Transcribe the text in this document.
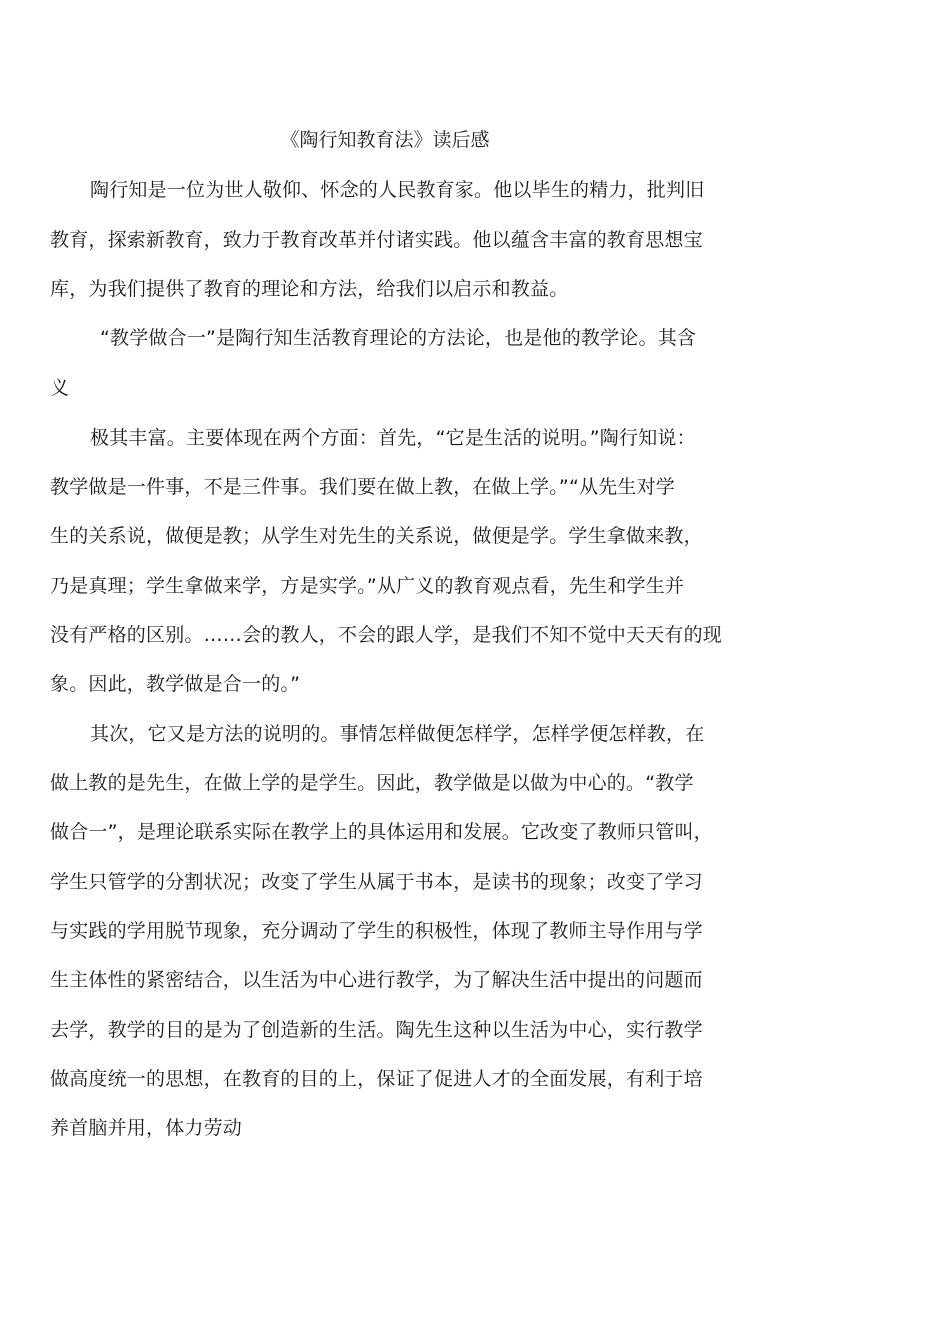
《陶行知教育法》读后感
陶行知是一位为世人敬仰、怀念的人民教育家。他以毕生的精力，批判旧
教育，探索新教育，致力于教育改革并付诸实践。他以蕴含丰富的教育思想宝
库，为我们提供了教育的理论和方法，给我们以启示和教益。
“教学做合一”是陶行知生活教育理论的方法论，也是他的教学论。其含
义
极其丰富。主要体现在两个方面：首先，“它是生活的说明。”陶行知说：
教学做是一件事，不是三件事。我们要在做上教，在做上学。”“从先生对学
生的关系说，做便是教；从学生对先生的关系说，做便是学。学生拿做来教，
乃是真理；学生拿做来学，方是实学。”从广义的教育观点看，先生和学生并
没有严格的区别。……会的教人，不会的跟人学，是我们不知不觉中天天有的现
象。因此，教学做是合一的。”
其次，它又是方法的说明的。事情怎样做便怎样学，怎样学便怎样教，在
做上教的是先生，在做上学的是学生。因此，教学做是以做为中心的。“教学
做合一”，是理论联系实际在教学上的具体运用和发展。它改变了教师只管叫，
学生只管学的分割状况；改变了学生从属于书本，是读书的现象；改变了学习
与实践的学用脱节现象，充分调动了学生的积极性，体现了教师主导作用与学
生主体性的紧密结合，以生活为中心进行教学，为了解决生活中提出的问题而
去学，教学的目的是为了创造新的生活。陶先生这种以生活为中心，实行教学
做高度统一的思想，在教育的目的上，保证了促进人才的全面发展，有利于培
养首脑并用，体力劳动
